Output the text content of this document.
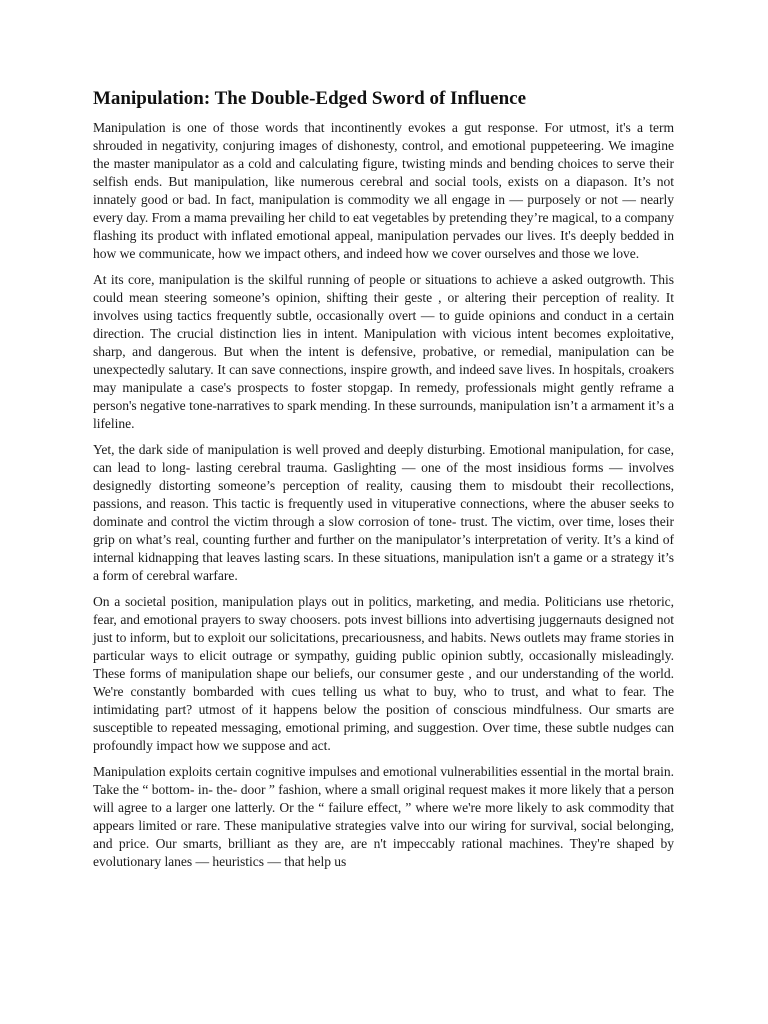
Manipulation: The Double-Edged Sword of Influence

Manipulation is one of those words that incontinently evokes a gut response. For utmost, it's a term shrouded in negativity, conjuring images of dishonesty, control, and emotional puppeteering. We imagine the master manipulator as a cold and calculating figure, twisting minds and bending choices to serve their selfish ends. But manipulation, like numerous cerebral and social tools, exists on a diapason. It’s not innately good or bad. In fact, manipulation is commodity we all engage in — purposely or not — nearly every day. From a mama prevailing her child to eat vegetables by pretending they’re magical, to a company flashing its product with inflated emotional appeal, manipulation pervades our lives. It's deeply bedded in how we communicate, how we impact others, and indeed how we cover ourselves and those we love.

At its core, manipulation is the skilful running of people or situations to achieve a asked outgrowth. This could mean steering someone’s opinion, shifting their geste , or altering their perception of reality. It involves using tactics frequently subtle, occasionally overt — to guide opinions and conduct in a certain direction. The crucial distinction lies in intent. Manipulation with vicious intent becomes exploitative, sharp, and dangerous. But when the intent is defensive, probative, or remedial, manipulation can be unexpectedly salutary. It can save connections, inspire growth, and indeed save lives. In hospitals, croakers may manipulate a case's prospects to foster stopgap. In remedy, professionals might gently reframe a person's negative tone-narratives to spark mending. In these surrounds, manipulation isn’t a armament it’s a lifeline.

Yet, the dark side of manipulation is well proved and deeply disturbing. Emotional manipulation, for case, can lead to long- lasting cerebral trauma. Gaslighting — one of the most insidious forms — involves designedly distorting someone’s perception of reality, causing them to misdoubt their recollections, passions, and reason. This tactic is frequently used in vituperative connections, where the abuser seeks to dominate and control the victim through a slow corrosion of tone- trust. The victim, over time, loses their grip on what’s real, counting further and further on the manipulator’s interpretation of verity. It’s a kind of internal kidnapping that leaves lasting scars. In these situations, manipulation isn't a game or a strategy it’s a form of cerebral warfare.

On a societal position, manipulation plays out in politics, marketing, and media. Politicians use rhetoric, fear, and emotional prayers to sway choosers. pots invest billions into advertising juggernauts designed not just to inform, but to exploit our solicitations, precariousness, and habits. News outlets may frame stories in particular ways to elicit outrage or sympathy, guiding public opinion subtly, occasionally misleadingly. These forms of manipulation shape our beliefs, our consumer geste , and our understanding of the world. We're constantly bombarded with cues telling us what to buy, who to trust, and what to fear. The intimidating part? utmost of it happens below the position of conscious mindfulness. Our smarts are susceptible to repeated messaging, emotional priming, and suggestion. Over time, these subtle nudges can profoundly impact how we suppose and act.

Manipulation exploits certain cognitive impulses and emotional vulnerabilities essential in the mortal brain. Take the “ bottom- in- the- door ” fashion, where a small original request makes it more likely that a person will agree to a larger one latterly. Or the “ failure effect, ” where we're more likely to ask commodity that appears limited or rare. These manipulative strategies valve into our wiring for survival, social belonging, and price. Our smarts, brilliant as they are, are n't impeccably rational machines. They're shaped by evolutionary lanes — heuristics — that help us
